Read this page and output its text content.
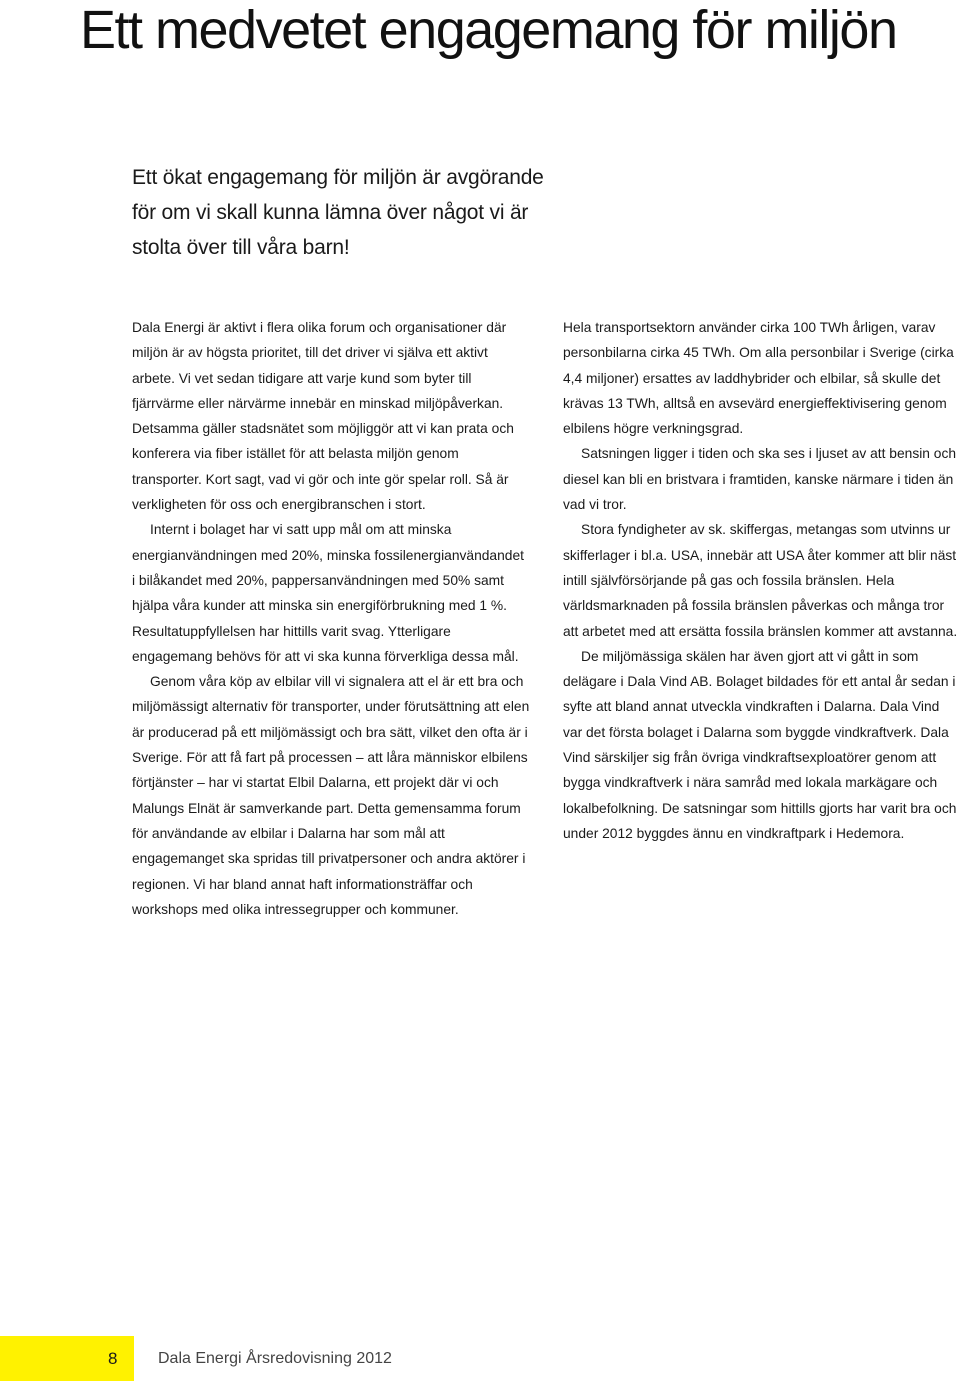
Ett medvetet engagemang för miljön

Ett ökat engagemang för miljön är avgörande för om vi skall kunna lämna över något vi är stolta över till våra barn!

Dala Energi är aktivt i flera olika forum och organisationer där miljön är av högsta prioritet, till det driver vi själva ett aktivt arbete. Vi vet sedan tidigare att varje kund som byter till fjärrvärme eller närvärme innebär en minskad miljöpåverkan. Detsamma gäller stadsnätet som möjliggör att vi kan prata och konferera via fiber istället för att belasta miljön genom transporter. Kort sagt, vad vi gör och inte gör spelar roll. Så är verkligheten för oss och energibranschen i stort.

Internt i bolaget har vi satt upp mål om att minska energianvändningen med 20%, minska fossilenergianvändandet i bilåkandet med 20%, pappersanvändningen med 50% samt hjälpa våra kunder att minska sin energiförbrukning med 1 %. Resultatuppfyllelsen har hittills varit svag. Ytterligare engagemang behövs för att vi ska kunna förverkliga dessa mål.

Genom våra köp av elbilar vill vi signalera att el är ett bra och miljömässigt alternativ för transporter, under förutsättning att elen är producerad på ett miljömässigt och bra sätt, vilket den ofta är i Sverige. För att få fart på processen – att låra människor elbilens förtjänster – har vi startat Elbil Dalarna, ett projekt där vi och Malungs Elnät är samverkande part. Detta gemensamma forum för användande av elbilar i Dalarna har som mål att engagemanget ska spridas till privatpersoner och andra aktörer i regionen. Vi har bland annat haft informationsträffar och workshops med olika intressegrupper och kommuner.

Hela transportsektorn använder cirka 100 TWh årligen, varav personbilarna cirka 45 TWh. Om alla personbilar i Sverige (cirka 4,4 miljoner) ersattes av laddhybrider och elbilar, så skulle det krävas 13 TWh, alltså en avsevärd energieffektivisering genom elbilens högre verkningsgrad.

Satsningen ligger i tiden och ska ses i ljuset av att bensin och diesel kan bli en bristvara i framtiden, kanske närmare i tiden än vad vi tror.

Stora fyndigheter av sk. skiffergas, metangas som utvinns ur skifferlager i bl.a. USA, innebär att USA åter kommer att blir näst intill självförsörjande på gas och fossila bränslen. Hela världsmarknaden på fossila bränslen påverkas och många tror att arbetet med att ersätta fossila bränslen kommer att avstanna.

De miljömässiga skälen har även gjort att vi gått in som delägare i Dala Vind AB. Bolaget bildades för ett antal år sedan i syfte att bland annat utveckla vindkraften i Dalarna. Dala Vind var det första bolaget i Dalarna som byggde vindkraftverk. Dala Vind särskiljer sig från övriga vindkraftsexploatörer genom att bygga vindkraftverk i nära samråd med lokala markägare och lokalbefolkning. De satsningar som hittills gjorts har varit bra och under 2012 byggdes ännu en vindkraftpark i Hedemora.

8	Dala Energi Årsredovisning 2012
